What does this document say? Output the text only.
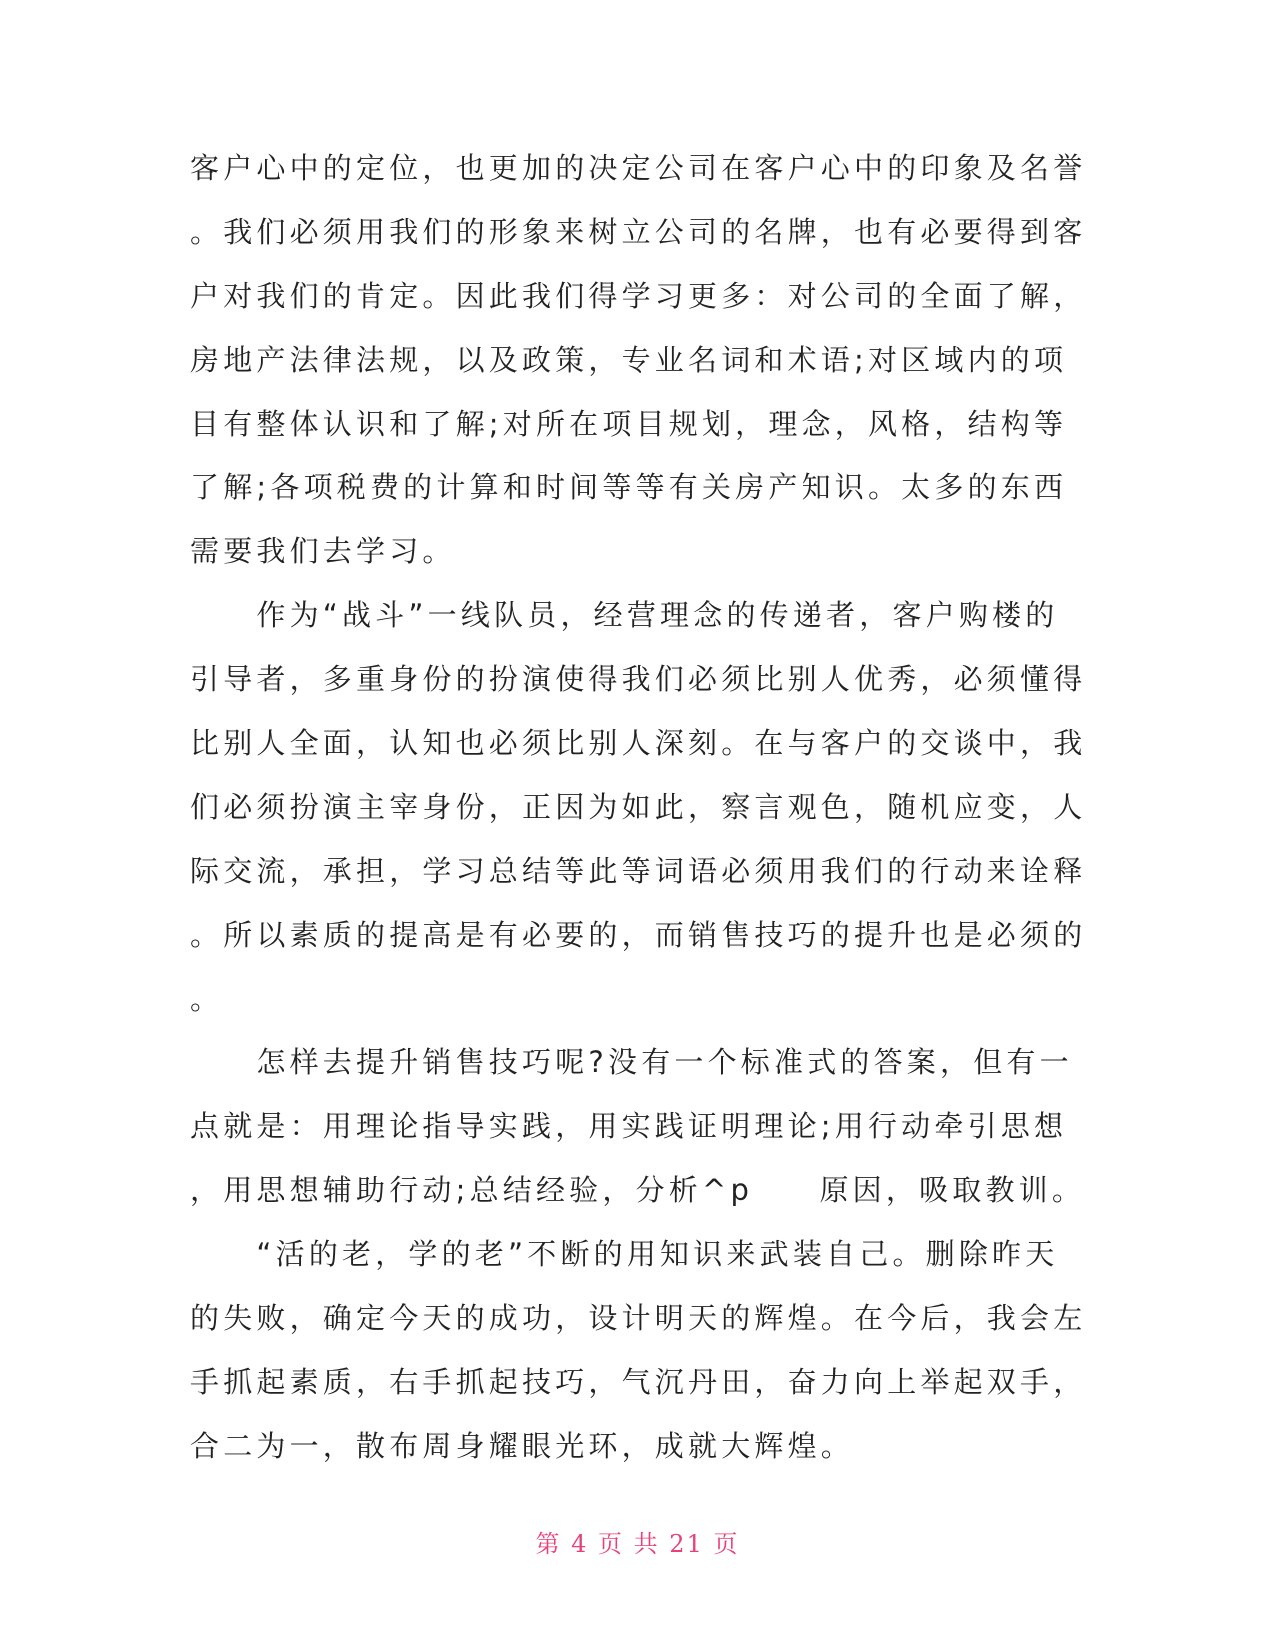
客户心中的定位，也更加的决定公司在客户心中的印象及名誉
。我们必须用我们的形象来树立公司的名牌，也有必要得到客
户对我们的肯定。因此我们得学习更多：对公司的全面了解，
房地产法律法规，以及政策，专业名词和术语;对区域内的项
目有整体认识和了解;对所在项目规划，理念，风格，结构等
了解;各项税费的计算和时间等等有关房产知识。太多的东西
需要我们去学习。
　　作为“战斗”一线队员，经营理念的传递者，客户购楼的
引导者，多重身份的扮演使得我们必须比别人优秀，必须懂得
比别人全面，认知也必须比别人深刻。在与客户的交谈中，我
们必须扮演主宰身份，正因为如此，察言观色，随机应变，人
际交流，承担，学习总结等此等词语必须用我们的行动来诠释
。所以素质的提高是有必要的，而销售技巧的提升也是必须的
。
　　怎样去提升销售技巧呢?没有一个标准式的答案，但有一
点就是：用理论指导实践，用实践证明理论;用行动牵引思想
，用思想辅助行动;总结经验，分析^p　　原因，吸取教训。
　　“活的老，学的老”不断的用知识来武装自己。删除昨天
的失败，确定今天的成功，设计明天的辉煌。在今后，我会左
手抓起素质，右手抓起技巧，气沉丹田，奋力向上举起双手，
合二为一，散布周身耀眼光环，成就大辉煌。
第 4 页 共 21 页
